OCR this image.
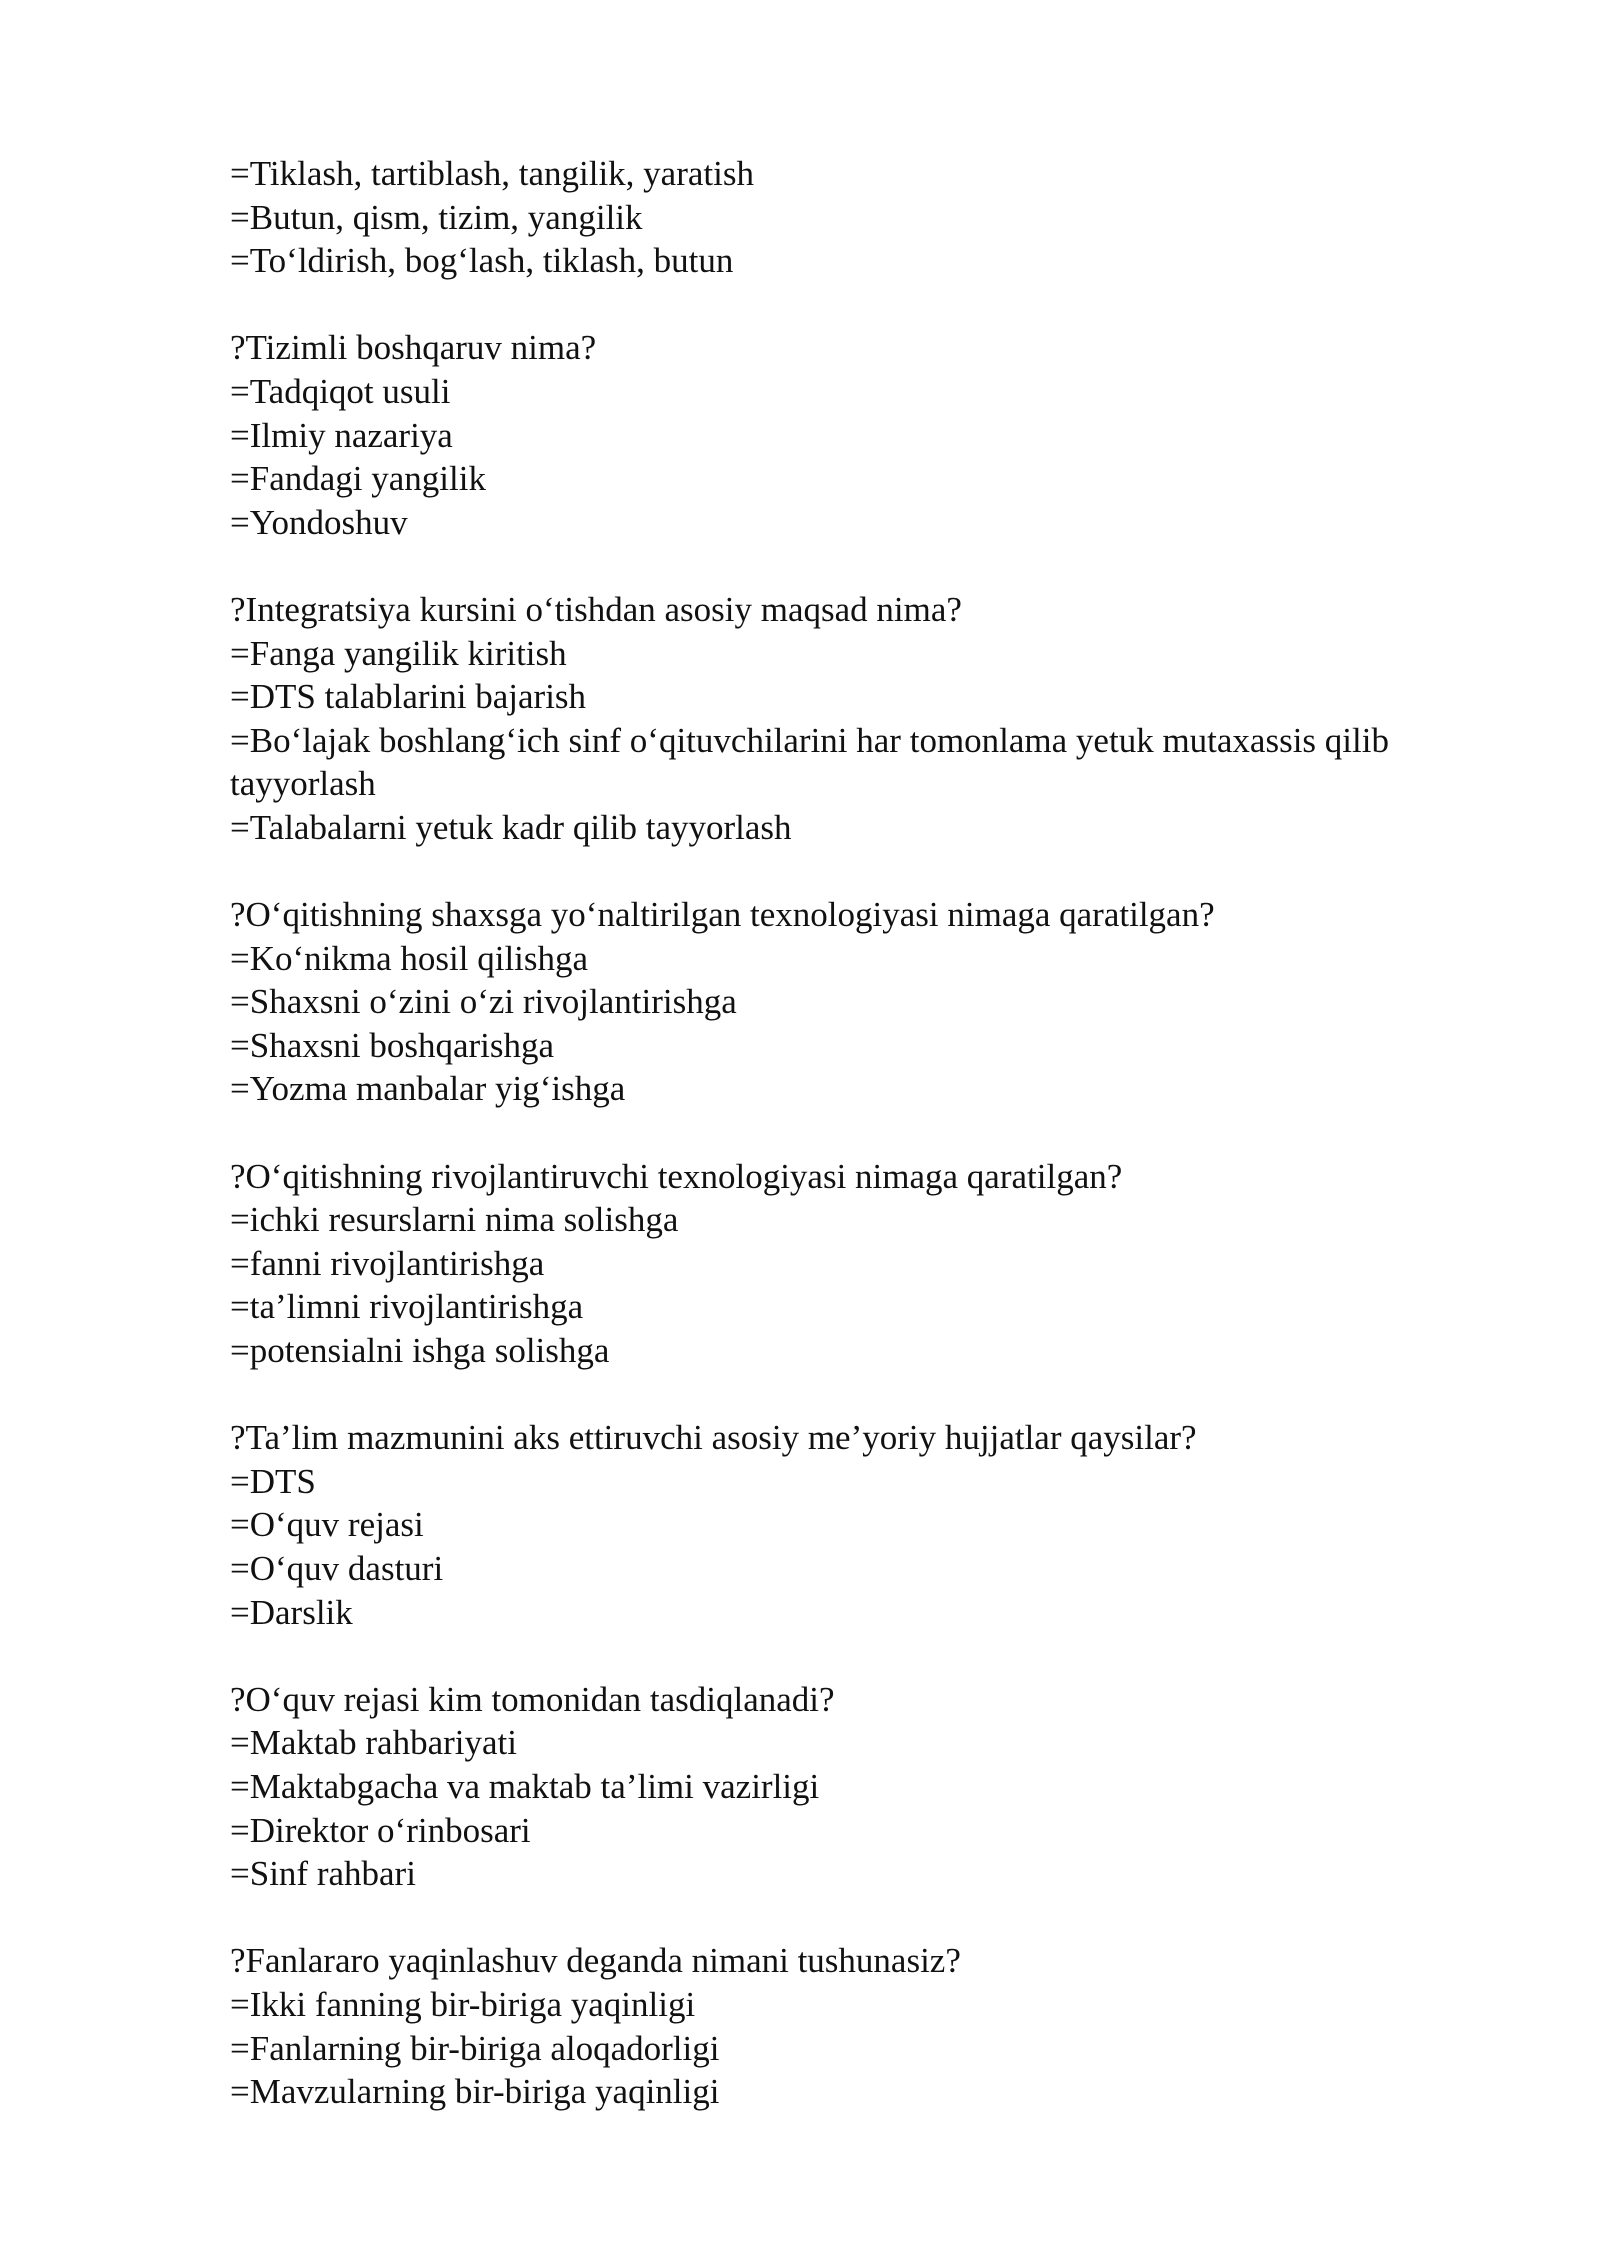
=Tiklash, tartiblash, tangilik, yaratish
=Butun, qism, tizim, yangilik
=To‘ldirish, bog‘lash, tiklash, butun
?Tizimli boshqaruv nima?
=Tadqiqot usuli
=Ilmiy nazariya
=Fandagi yangilik
=Yondoshuv
?Integratsiya kursini o‘tishdan asosiy maqsad nima?
=Fanga yangilik kiritish
=DTS talablarini bajarish
=Bo‘lajak boshlang‘ich sinf o‘qituvchilarini har tomonlama yetuk mutaxassis qilib tayyorlash
=Talabalarni yetuk kadr qilib tayyorlash
?O‘qitishning shaxsga yo‘naltirilgan texnologiyasi nimaga qaratilgan?
=Ko‘nikma hosil qilishga
=Shaxsni o‘zini o‘zi rivojlantirishga
=Shaxsni boshqarishga
=Yozma manbalar yig‘ishga
?O‘qitishning rivojlantiruvchi texnologiyasi nimaga qaratilgan?
=ichki resurslarni nima solishga
=fanni rivojlantirishga
=ta’limni rivojlantirishga
=potensialni ishga solishga
?Ta’lim mazmunini aks ettiruvchi asosiy me’yoriy hujjatlar qaysilar?
=DTS
=O‘quv rejasi
=O‘quv dasturi
=Darslik
?O‘quv rejasi kim tomonidan tasdiqlanadi?
=Maktab rahbariyati
=Maktabgacha va maktab ta’limi vazirligi
=Direktor o‘rinbosari
=Sinf rahbari
?Fanlararo yaqinlashuv deganda nimani tushunasiz?
=Ikki fanning bir-biriga yaqinligi
=Fanlarning bir-biriga aloqadorligi
=Mavzularning bir-biriga yaqinligi
